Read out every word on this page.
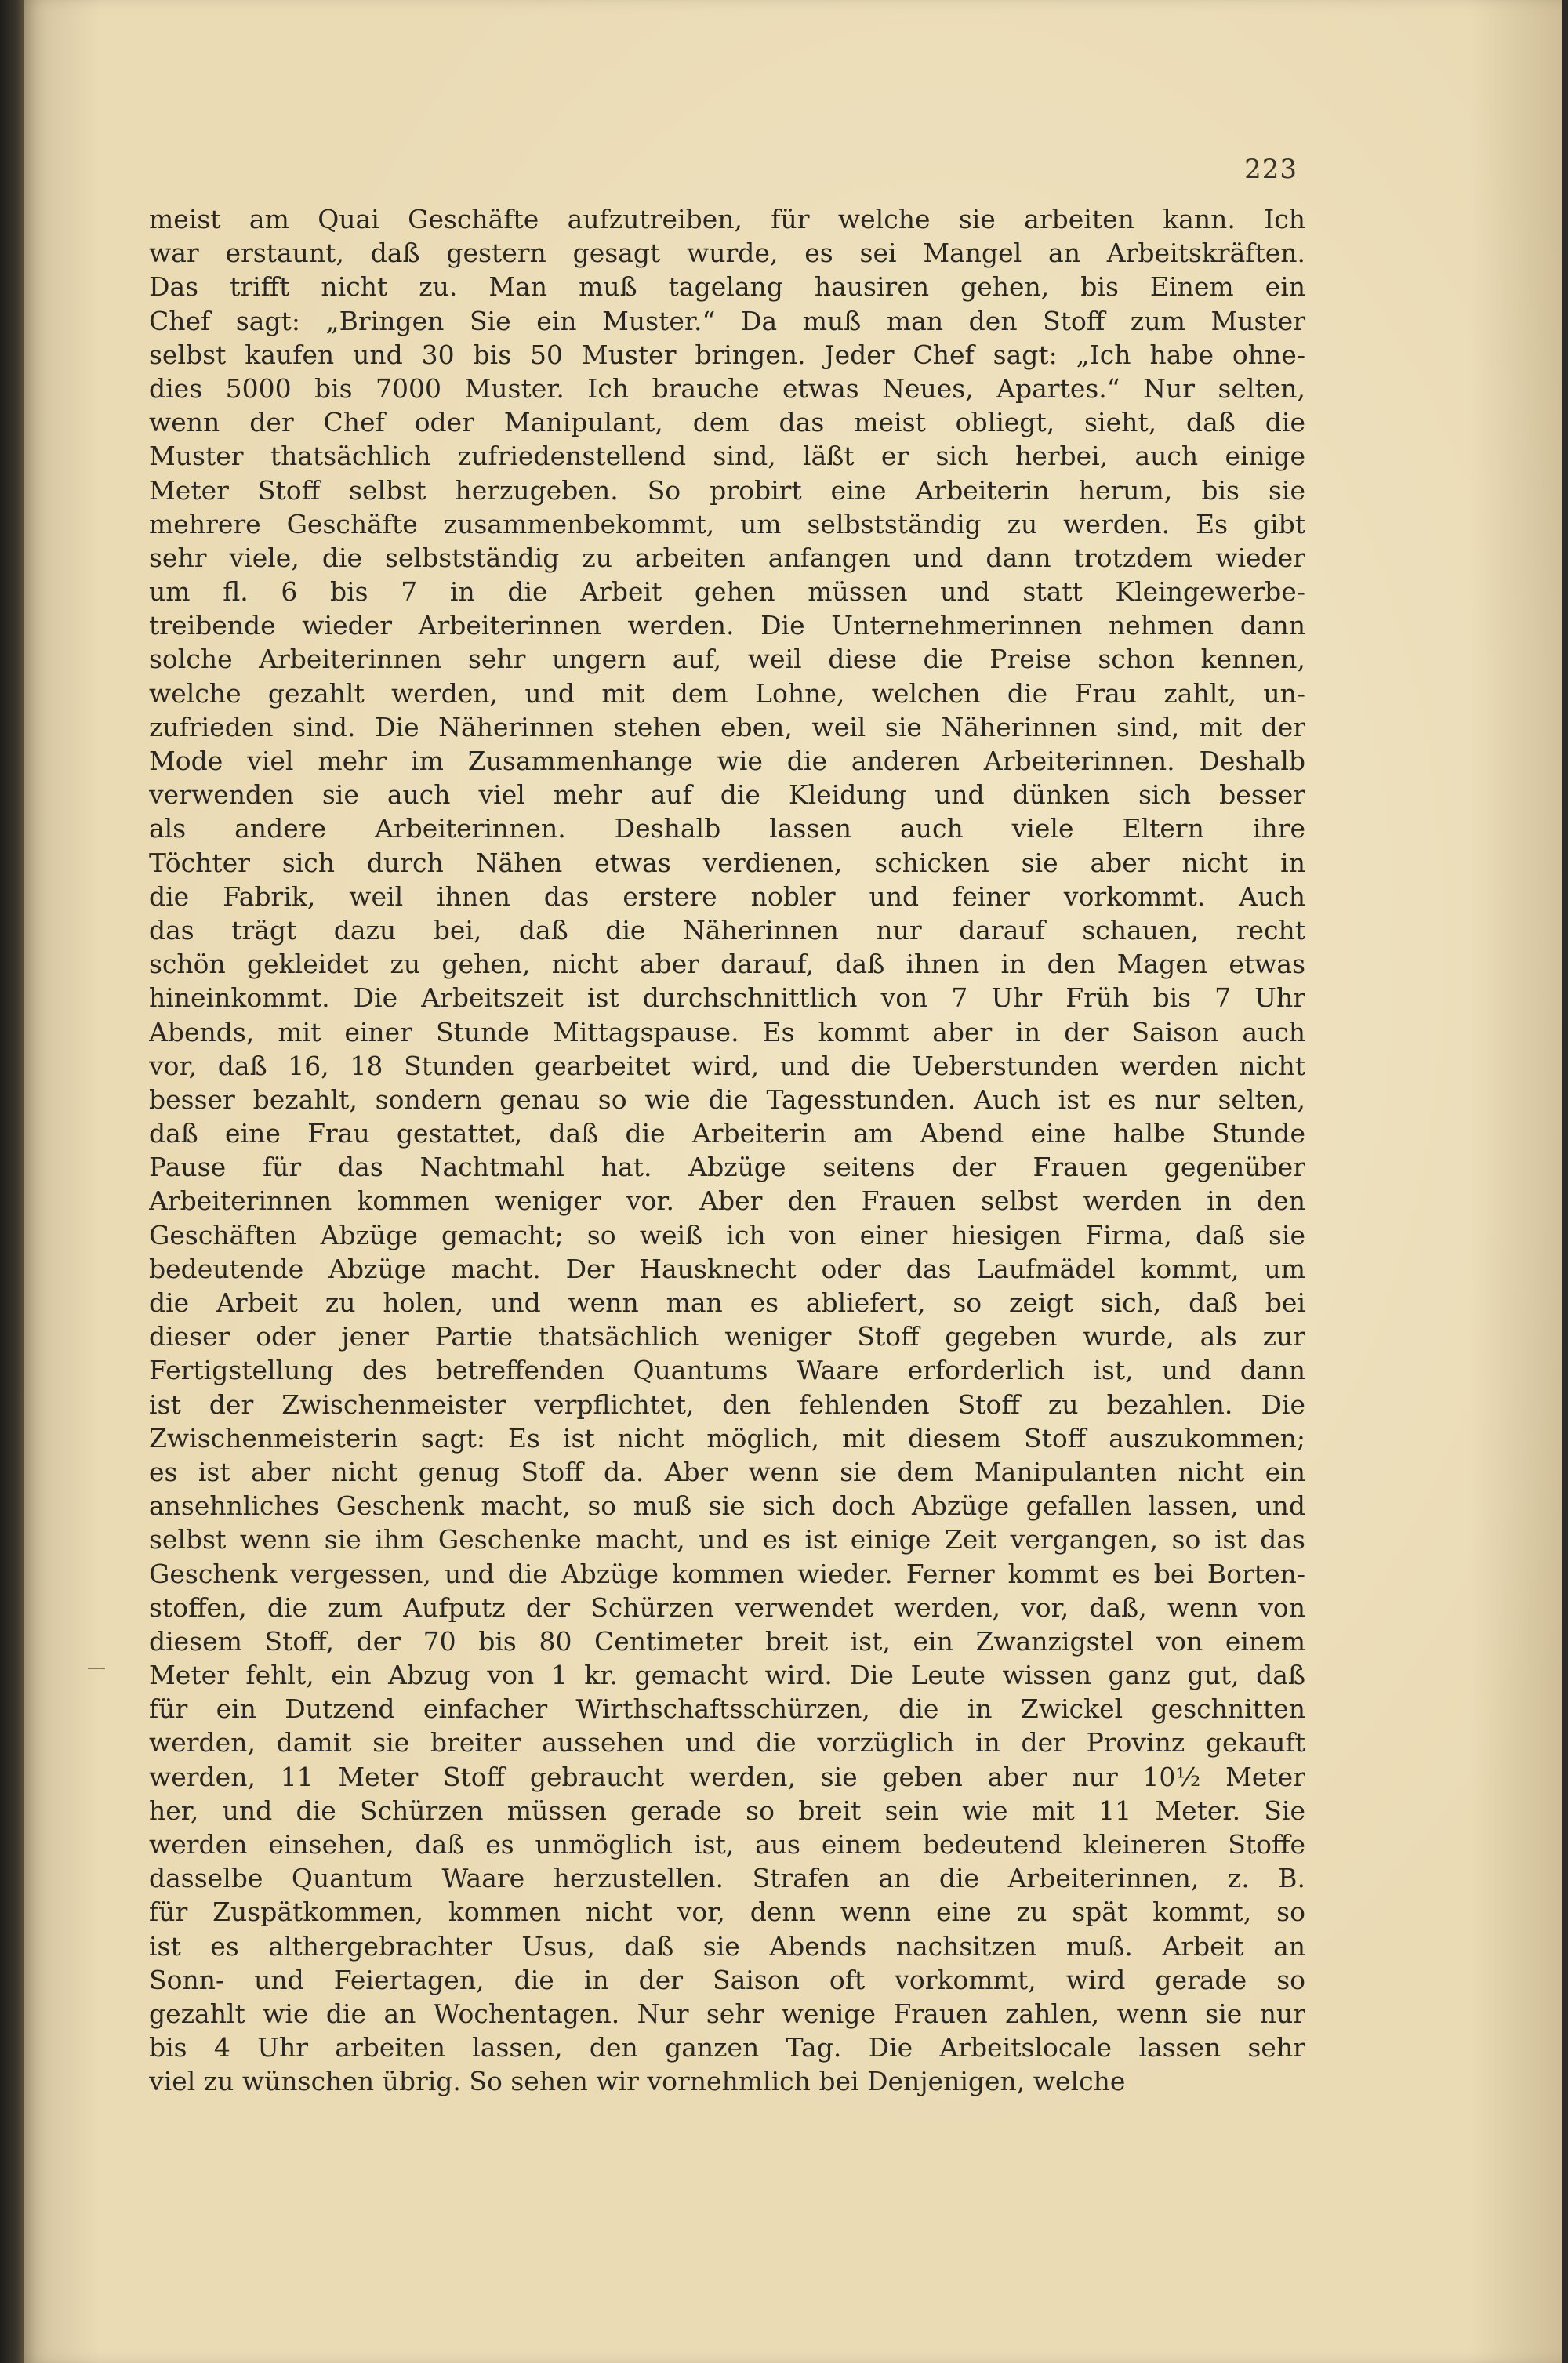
223
meist am Quai Geschäfte aufzutreiben, für welche sie arbeiten kann. Ich
war erstaunt, daß gestern gesagt wurde, es sei Mangel an Arbeitskräften.
Das trifft nicht zu. Man muß tagelang hausiren gehen, bis Einem ein
Chef sagt: „Bringen Sie ein Muster.“ Da muß man den Stoff zum Muster
selbst kaufen und 30 bis 50 Muster bringen. Jeder Chef sagt: „Ich habe ohne-
dies 5000 bis 7000 Muster. Ich brauche etwas Neues, Apartes.“ Nur selten,
wenn der Chef oder Manipulant, dem das meist obliegt, sieht, daß die
Muster thatsächlich zufriedenstellend sind, läßt er sich herbei, auch einige
Meter Stoff selbst herzugeben. So probirt eine Arbeiterin herum, bis sie
mehrere Geschäfte zusammenbekommt, um selbstständig zu werden. Es gibt
sehr viele, die selbstständig zu arbeiten anfangen und dann trotzdem wieder
um fl. 6 bis 7 in die Arbeit gehen müssen und statt Kleingewerbe-
treibende wieder Arbeiterinnen werden. Die Unternehmerinnen nehmen dann
solche Arbeiterinnen sehr ungern auf, weil diese die Preise schon kennen,
welche gezahlt werden, und mit dem Lohne, welchen die Frau zahlt, un-
zufrieden sind. Die Näherinnen stehen eben, weil sie Näherinnen sind, mit der
Mode viel mehr im Zusammenhange wie die anderen Arbeiterinnen. Deshalb
verwenden sie auch viel mehr auf die Kleidung und dünken sich besser
als andere Arbeiterinnen. Deshalb lassen auch viele Eltern ihre
Töchter sich durch Nähen etwas verdienen, schicken sie aber nicht in
die Fabrik, weil ihnen das erstere nobler und feiner vorkommt. Auch
das trägt dazu bei, daß die Näherinnen nur darauf schauen, recht
schön gekleidet zu gehen, nicht aber darauf, daß ihnen in den Magen etwas
hineinkommt. Die Arbeitszeit ist durchschnittlich von 7 Uhr Früh bis 7 Uhr
Abends, mit einer Stunde Mittagspause. Es kommt aber in der Saison auch
vor, daß 16, 18 Stunden gearbeitet wird, und die Ueberstunden werden nicht
besser bezahlt, sondern genau so wie die Tagesstunden. Auch ist es nur selten,
daß eine Frau gestattet, daß die Arbeiterin am Abend eine halbe Stunde
Pause für das Nachtmahl hat. Abzüge seitens der Frauen gegenüber
Arbeiterinnen kommen weniger vor. Aber den Frauen selbst werden in den
Geschäften Abzüge gemacht; so weiß ich von einer hiesigen Firma, daß sie
bedeutende Abzüge macht. Der Hausknecht oder das Laufmädel kommt, um
die Arbeit zu holen, und wenn man es abliefert, so zeigt sich, daß bei
dieser oder jener Partie thatsächlich weniger Stoff gegeben wurde, als zur
Fertigstellung des betreffenden Quantums Waare erforderlich ist, und dann
ist der Zwischenmeister verpflichtet, den fehlenden Stoff zu bezahlen. Die
Zwischenmeisterin sagt: Es ist nicht möglich, mit diesem Stoff auszukommen;
es ist aber nicht genug Stoff da. Aber wenn sie dem Manipulanten nicht ein
ansehnliches Geschenk macht, so muß sie sich doch Abzüge gefallen lassen, und
selbst wenn sie ihm Geschenke macht, und es ist einige Zeit vergangen, so ist das
Geschenk vergessen, und die Abzüge kommen wieder. Ferner kommt es bei Borten-
stoffen, die zum Aufputz der Schürzen verwendet werden, vor, daß, wenn von
diesem Stoff, der 70 bis 80 Centimeter breit ist, ein Zwanzigstel von einem
Meter fehlt, ein Abzug von 1 kr. gemacht wird. Die Leute wissen ganz gut, daß
für ein Dutzend einfacher Wirthschaftsschürzen, die in Zwickel geschnitten
werden, damit sie breiter aussehen und die vorzüglich in der Provinz gekauft
werden, 11 Meter Stoff gebraucht werden, sie geben aber nur 10½ Meter
her, und die Schürzen müssen gerade so breit sein wie mit 11 Meter. Sie
werden einsehen, daß es unmöglich ist, aus einem bedeutend kleineren Stoffe
dasselbe Quantum Waare herzustellen. Strafen an die Arbeiterinnen, z. B.
für Zuspätkommen, kommen nicht vor, denn wenn eine zu spät kommt, so
ist es althergebrachter Usus, daß sie Abends nachsitzen muß. Arbeit an
Sonn- und Feiertagen, die in der Saison oft vorkommt, wird gerade so
gezahlt wie die an Wochentagen. Nur sehr wenige Frauen zahlen, wenn sie nur
bis 4 Uhr arbeiten lassen, den ganzen Tag. Die Arbeitslocale lassen sehr
viel zu wünschen übrig. So sehen wir vornehmlich bei Denjenigen, welche
